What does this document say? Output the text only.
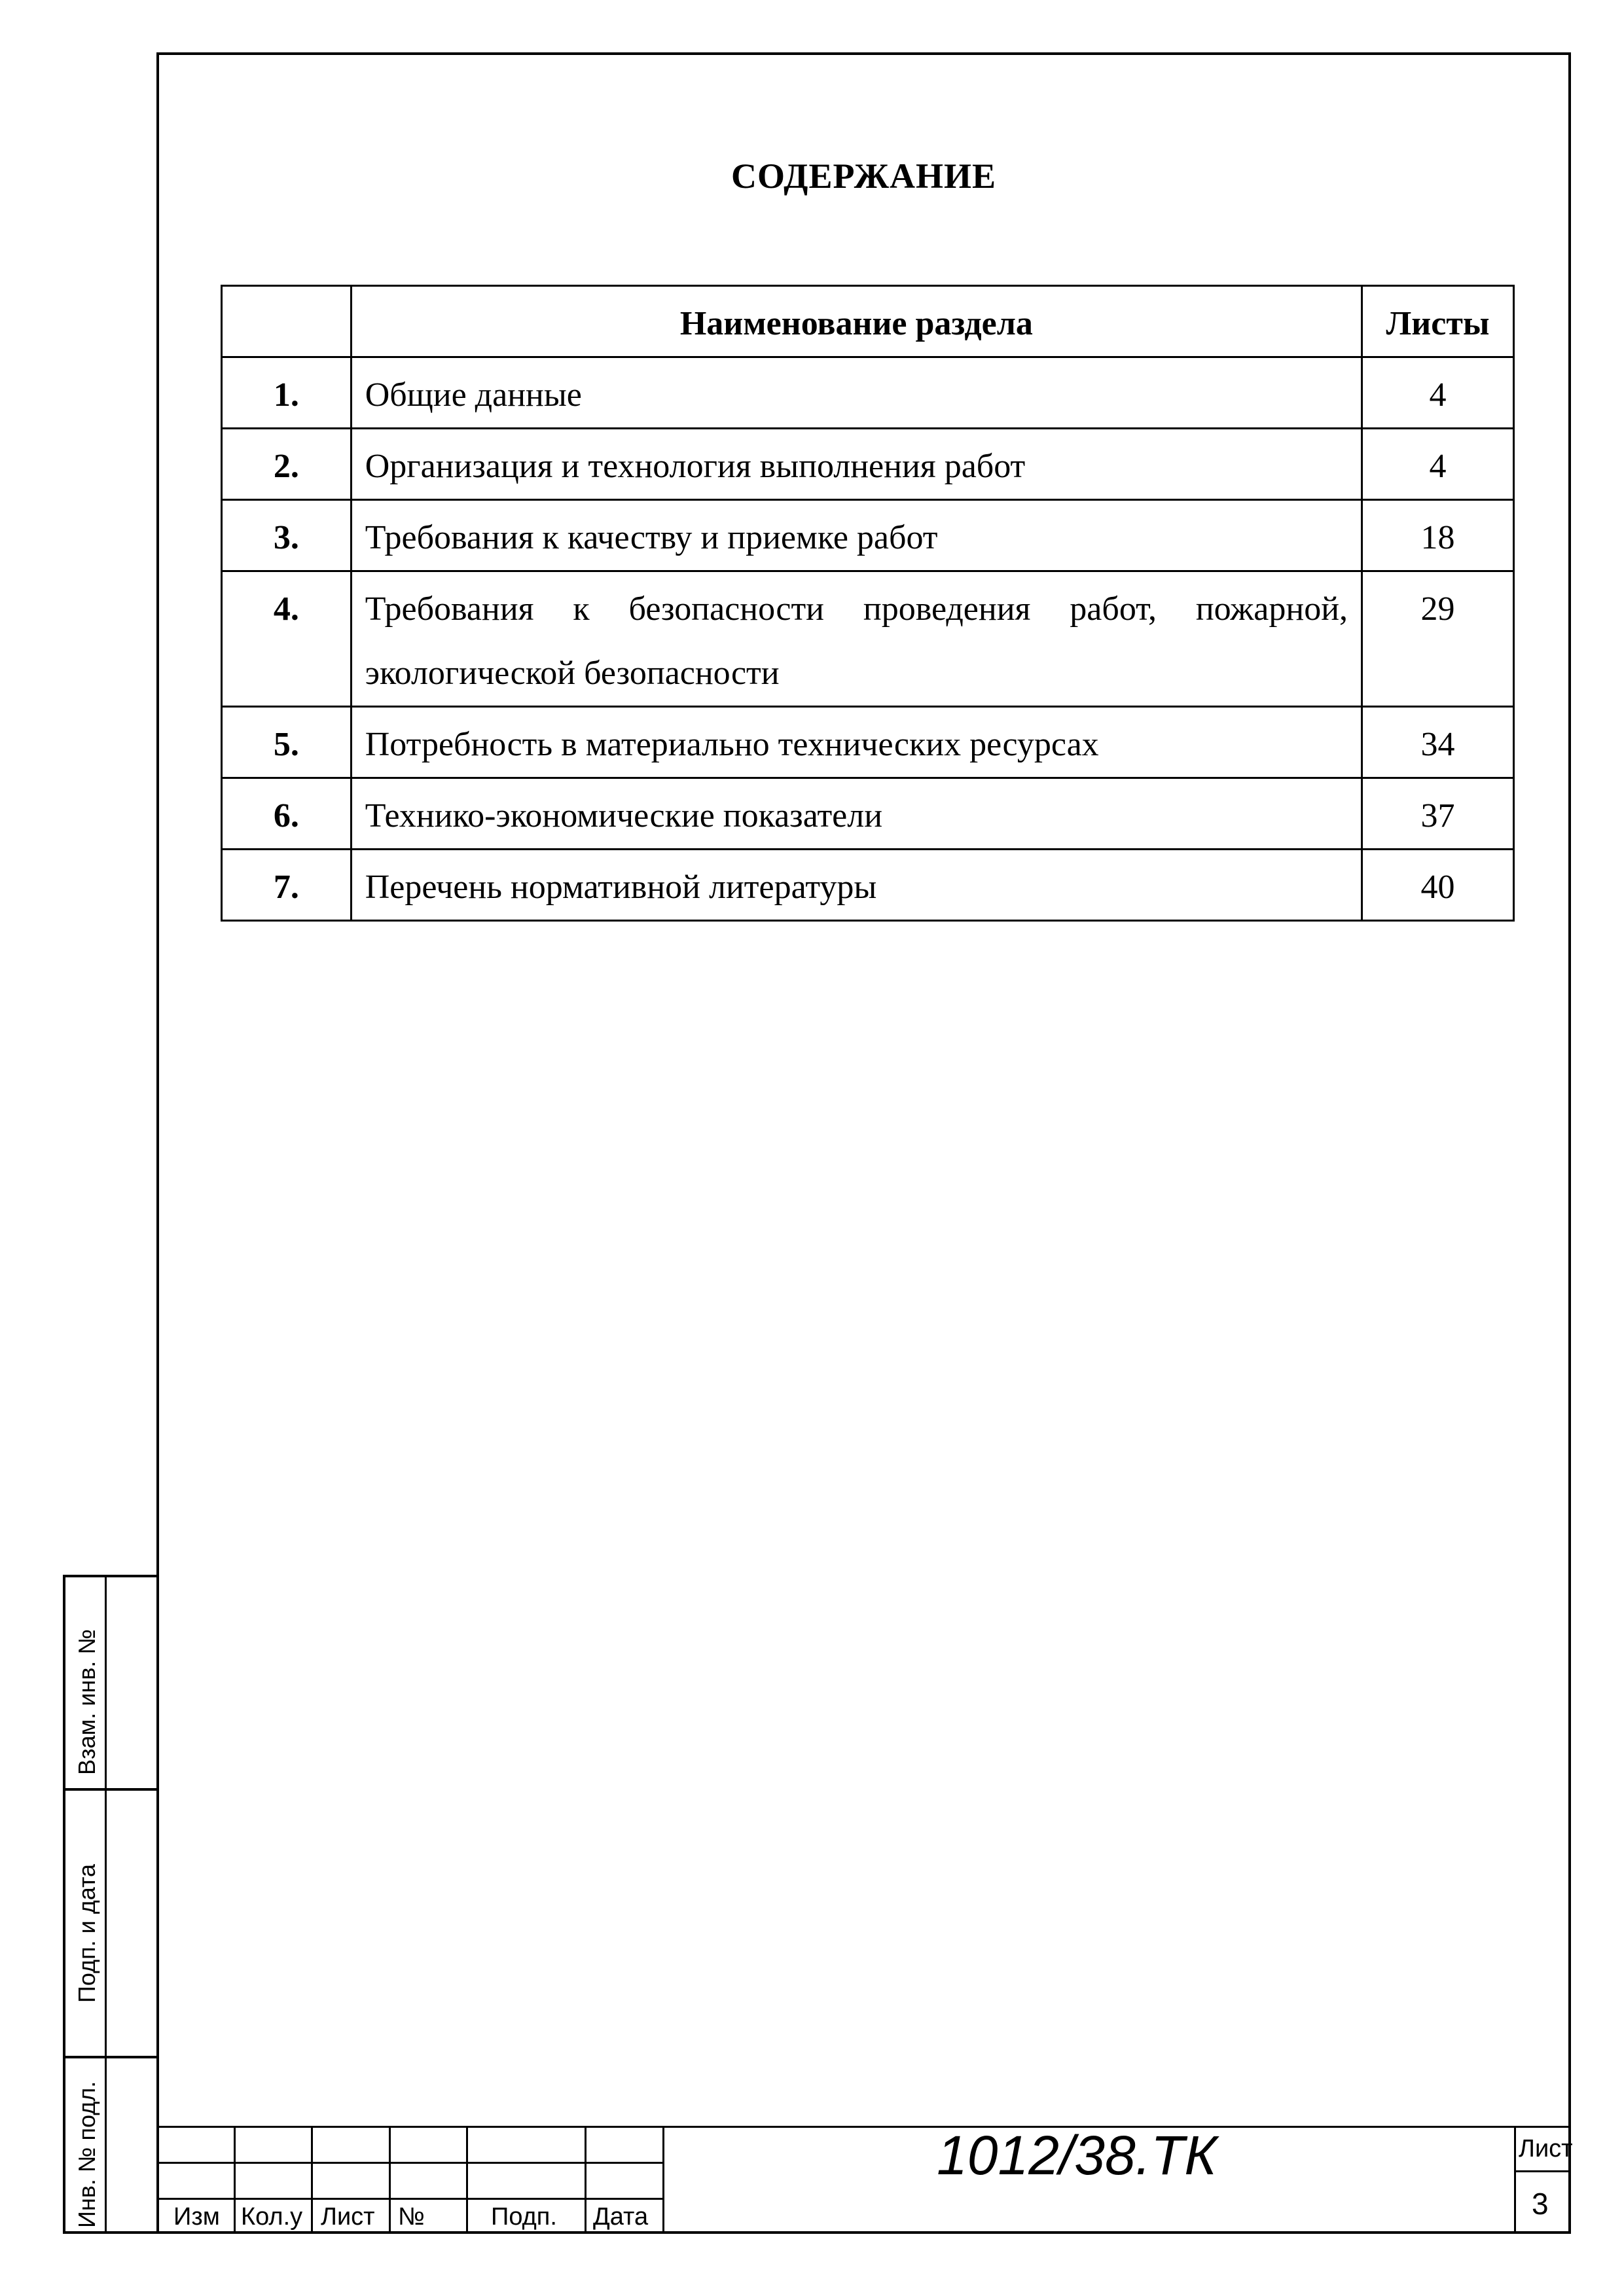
СОДЕРЖАНИЕ
	Наименование раздела	Листы
1.	Общие данные	4
2.	Организация и технология выполнения работ	4
3.	Требования к качеству и приемке работ	18
4.	Требования к безопасности проведения работ, пожарной, экологической безопасности	29
5.	Потребность в материально технических ресурсах	34
6.	Технико-экономические показатели	37
7.	Перечень нормативной литературы	40
Взам. инв. №
Подп. и дата
Инв. № подл.	Изм Кол.у Лист №	Подп. Дата
1012/38.ТК	Лист
3
